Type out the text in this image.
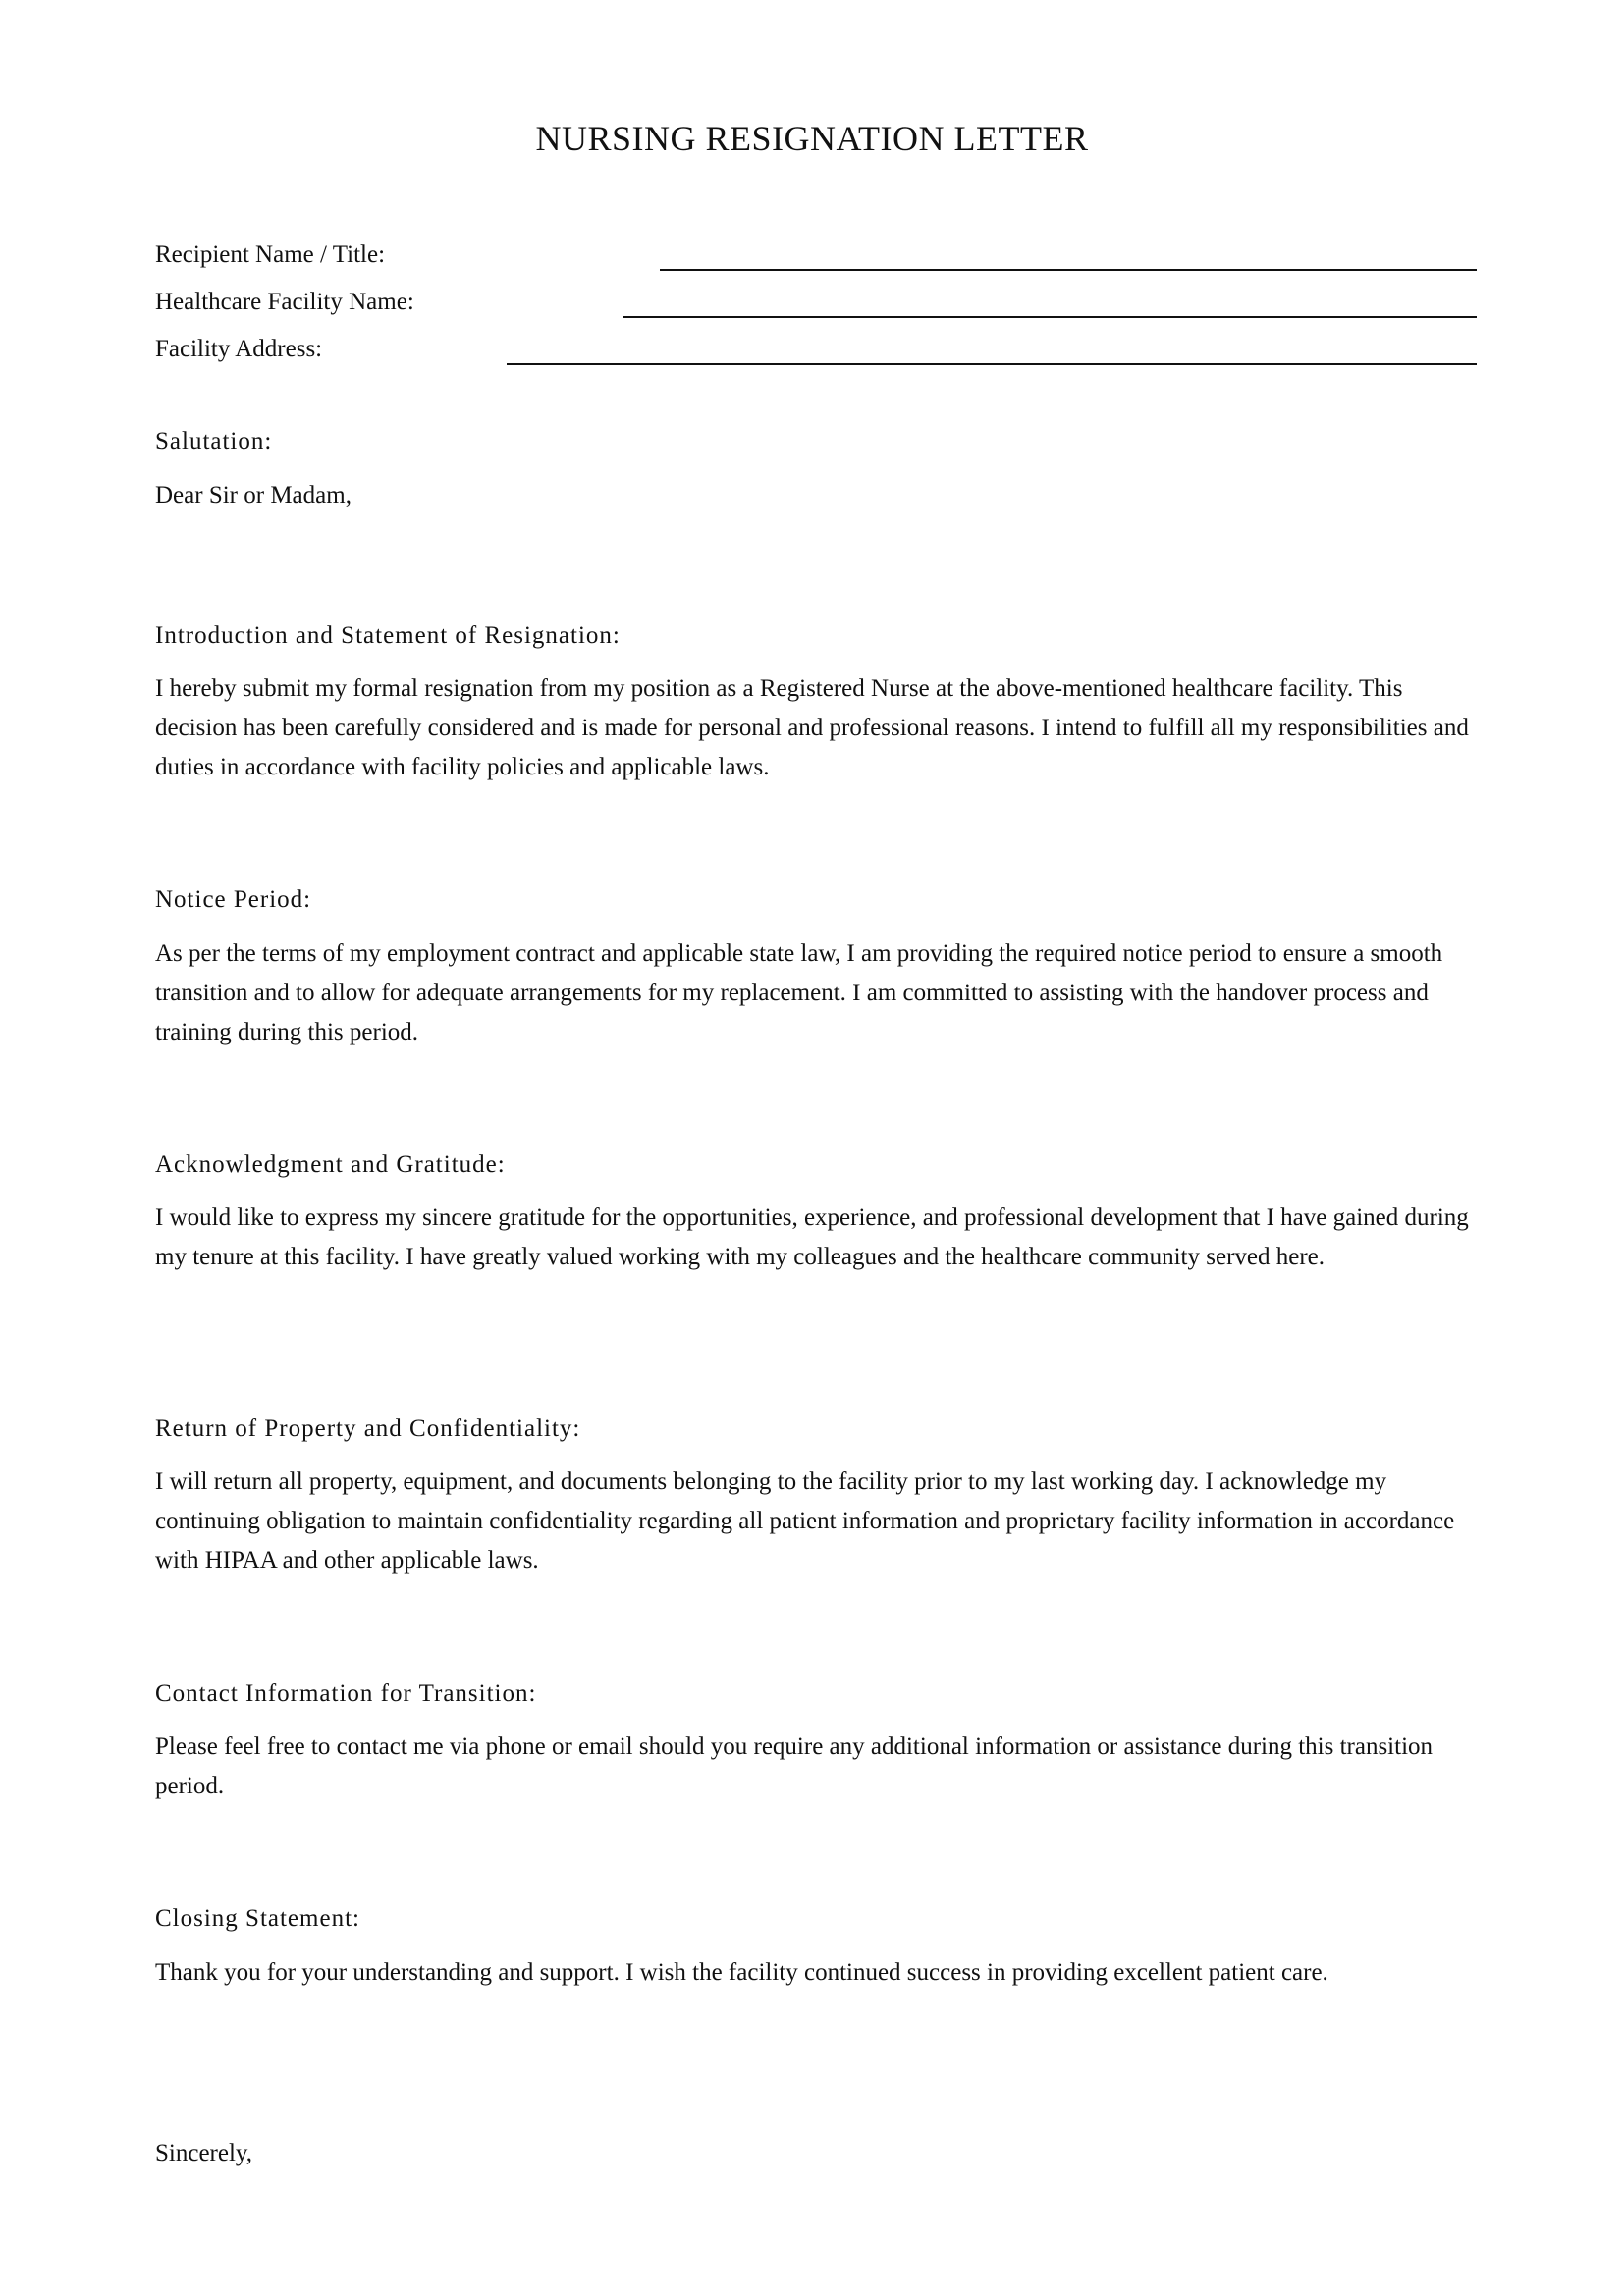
NURSING RESIGNATION LETTER
Recipient Name / Title:
Healthcare Facility Name:
Facility Address:
Salutation:

Dear Sir or Madam,

Introduction and Statement of Resignation:

I hereby submit my formal resignation from my position as a Registered Nurse at the above-mentioned healthcare facility. This decision has been carefully considered and is made for personal and professional reasons. I intend to fulfill all my responsibilities and duties in accordance with facility policies and applicable laws.

Notice Period:

As per the terms of my employment contract and applicable state law, I am providing the required notice period to ensure a smooth transition and to allow for adequate arrangements for my replacement. I am committed to assisting with the handover process and training during this period.

Acknowledgment and Gratitude:

I would like to express my sincere gratitude for the opportunities, experience, and professional development that I have gained during my tenure at this facility. I have greatly valued working with my colleagues and the healthcare community served here.

Return of Property and Confidentiality:

I will return all property, equipment, and documents belonging to the facility prior to my last working day. I acknowledge my continuing obligation to maintain confidentiality regarding all patient information and proprietary facility information in accordance with HIPAA and other applicable laws.

Contact Information for Transition:

Please feel free to contact me via phone or email should you require any additional information or assistance during this transition period.

Closing Statement:

Thank you for your understanding and support. I wish the facility continued success in providing excellent patient care.

Sincerely,
